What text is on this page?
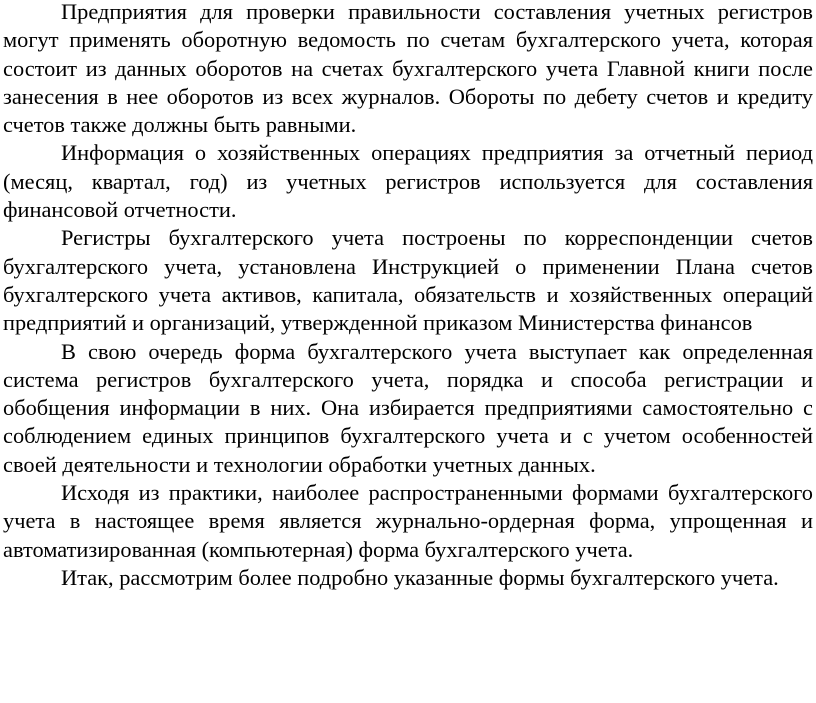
Предприятия для проверки правильности составления учетных регистров могут применять оборотную ведомость по счетам бухгалтерского учета, которая состоит из данных оборотов на счетах бухгалтерского учета Главной книги после занесения в нее оборотов из всех журналов. Обороты по дебету счетов и кредиту счетов также должны быть равными.

Информация о хозяйственных операциях предприятия за отчетный период (месяц, квартал, год) из учетных регистров используется для составления финансовой отчетности.

Регистры бухгалтерского учета построены по корреспонденции счетов бухгалтерского учета, установлена Инструкцией о применении Плана счетов бухгалтерского учета активов, капитала, обязательств и хозяйственных операций предприятий и организаций, утвержденной приказом Министерства финансов

В свою очередь форма бухгалтерского учета выступает как определенная система регистров бухгалтерского учета, порядка и способа регистрации и обобщения информации в них. Она избирается предприятиями самостоятельно с соблюдением единых принципов бухгалтерского учета и с учетом особенностей своей деятельности и технологии обработки учетных данных.

Исходя из практики, наиболее распространенными формами бухгалтерского учета в настоящее время является журнально-ордерная форма, упрощенная и автоматизированная (компьютерная) форма бухгалтерского учета.

Итак, рассмотрим более подробно указанные формы бухгалтерского учета.
